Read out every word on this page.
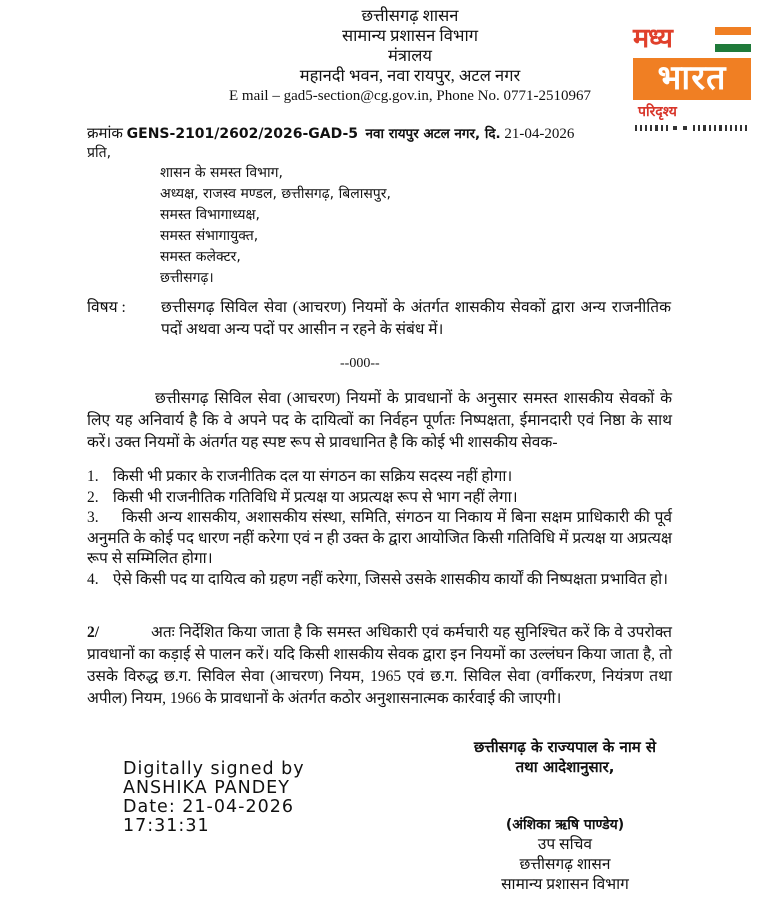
छत्तीसगढ़ शासन
सामान्य प्रशासन विभाग
मंत्रालय
महानदी भवन, नवा रायपुर, अटल नगर
E mail – gad5-section@cg.gov.in, Phone No. 0771-2510967
मध्य
भारत
परिदृश्य
क्रमांक GENS-2101/2602/2026-GAD-5 नवा रायपुर अटल नगर, दि. 21-04-2026
प्रति,
शासन के समस्त विभाग,
अध्यक्ष, राजस्व मण्डल, छत्तीसगढ़, बिलासपुर,
समस्त विभागाध्यक्ष,
समस्त संभागायुक्त,
समस्त कलेक्टर,
छत्तीसगढ़।
विषय : छत्तीसगढ़ सिविल सेवा (आचरण) नियमों के अंतर्गत शासकीय सेवकों द्वारा अन्य राजनीतिक पदों अथवा अन्य पदों पर आसीन न रहने के संबंध में।
--000--
छत्तीसगढ़ सिविल सेवा (आचरण) नियमों के प्रावधानों के अनुसार समस्त शासकीय सेवकों के लिए यह अनिवार्य है कि वे अपने पद के दायित्वों का निर्वहन पूर्णतः निष्पक्षता, ईमानदारी एवं निष्ठा के साथ करें। उक्त नियमों के अंतर्गत यह स्पष्ट रूप से प्रावधानित है कि कोई भी शासकीय सेवक-
1. किसी भी प्रकार के राजनीतिक दल या संगठन का सक्रिय सदस्य नहीं होगा।
2. किसी भी राजनीतिक गतिविधि में प्रत्यक्ष या अप्रत्यक्ष रूप से भाग नहीं लेगा।
3. किसी अन्य शासकीय, अशासकीय संस्था, समिति, संगठन या निकाय में बिना सक्षम प्राधिकारी की पूर्व अनुमति के कोई पद धारण नहीं करेगा एवं न ही उक्त के द्वारा आयोजित किसी गतिविधि में प्रत्यक्ष या अप्रत्यक्ष रूप से सम्मिलित होगा।
4. ऐसे किसी पद या दायित्व को ग्रहण नहीं करेगा, जिससे उसके शासकीय कार्यों की निष्पक्षता प्रभावित हो।
2/	अतः निर्देशित किया जाता है कि समस्त अधिकारी एवं कर्मचारी यह सुनिश्चित करें कि वे उपरोक्त प्रावधानों का कड़ाई से पालन करें। यदि किसी शासकीय सेवक द्वारा इन नियमों का उल्लंघन किया जाता है, तो उसके विरुद्ध छ.ग. सिविल सेवा (आचरण) नियम, 1965 एवं छ.ग. सिविल सेवा (वर्गीकरण, नियंत्रण तथा अपील) नियम, 1966 के प्रावधानों के अंतर्गत कठोर अनुशासनात्मक कार्रवाई की जाएगी।
छत्तीसगढ़ के राज्यपाल के नाम से
तथा आदेशानुसार,
Digitally signed by
ANSHIKA PANDEY
Date: 21-04-2026
17:31:31	(अंशिका ऋषि पाण्डेय)
उप सचिव
छत्तीसगढ़ शासन
सामान्य प्रशासन विभाग
